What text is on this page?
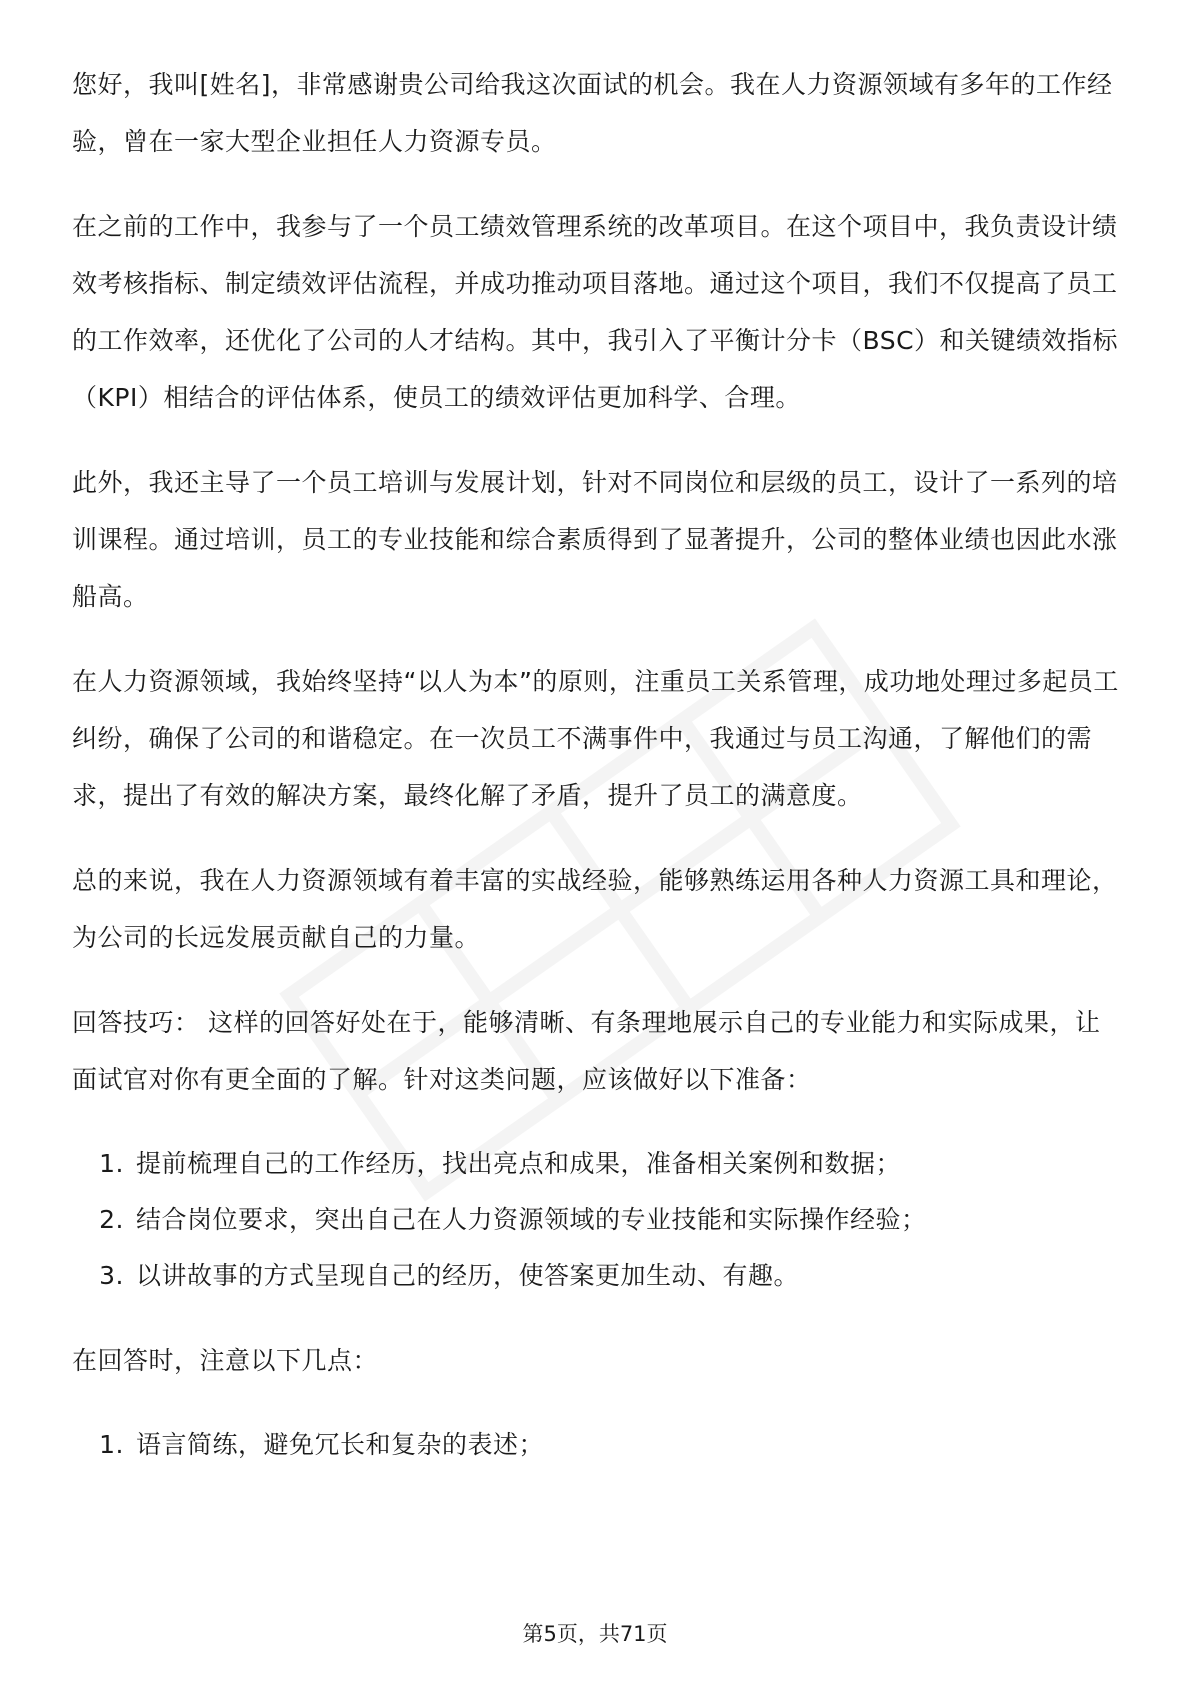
您好，我叫[姓名]，非常感谢贵公司给我这次面试的机会。我在人力资源领域有多年的工作经验，曾在一家大型企业担任人力资源专员。

在之前的工作中，我参与了一个员工绩效管理系统的改革项目。在这个项目中，我负责设计绩效考核指标、制定绩效评估流程，并成功推动项目落地。通过这个项目，我们不仅提高了员工的工作效率，还优化了公司的人才结构。其中，我引入了平衡计分卡（BSC）和关键绩效指标（KPI）相结合的评估体系，使员工的绩效评估更加科学、合理。

此外，我还主导了一个员工培训与发展计划，针对不同岗位和层级的员工，设计了一系列的培训课程。通过培训，员工的专业技能和综合素质得到了显著提升，公司的整体业绩也因此水涨船高。

在人力资源领域，我始终坚持“以人为本”的原则，注重员工关系管理，成功地处理过多起员工纠纷，确保了公司的和谐稳定。在一次员工不满事件中，我通过与员工沟通，了解他们的需求，提出了有效的解决方案，最终化解了矛盾，提升了员工的满意度。

总的来说，我在人力资源领域有着丰富的实战经验，能够熟练运用各种人力资源工具和理论，为公司的长远发展贡献自己的力量。

回答技巧： 这样的回答好处在于，能够清晰、有条理地展示自己的专业能力和实际成果，让面试官对你有更全面的了解。针对这类问题，应该做好以下准备：

1. 提前梳理自己的工作经历，找出亮点和成果，准备相关案例和数据；
2. 结合岗位要求，突出自己在人力资源领域的专业技能和实际操作经验；
3. 以讲故事的方式呈现自己的经历，使答案更加生动、有趣。

在回答时，注意以下几点：

1. 语言简练，避免冗长和复杂的表述；
第5页，共71页
